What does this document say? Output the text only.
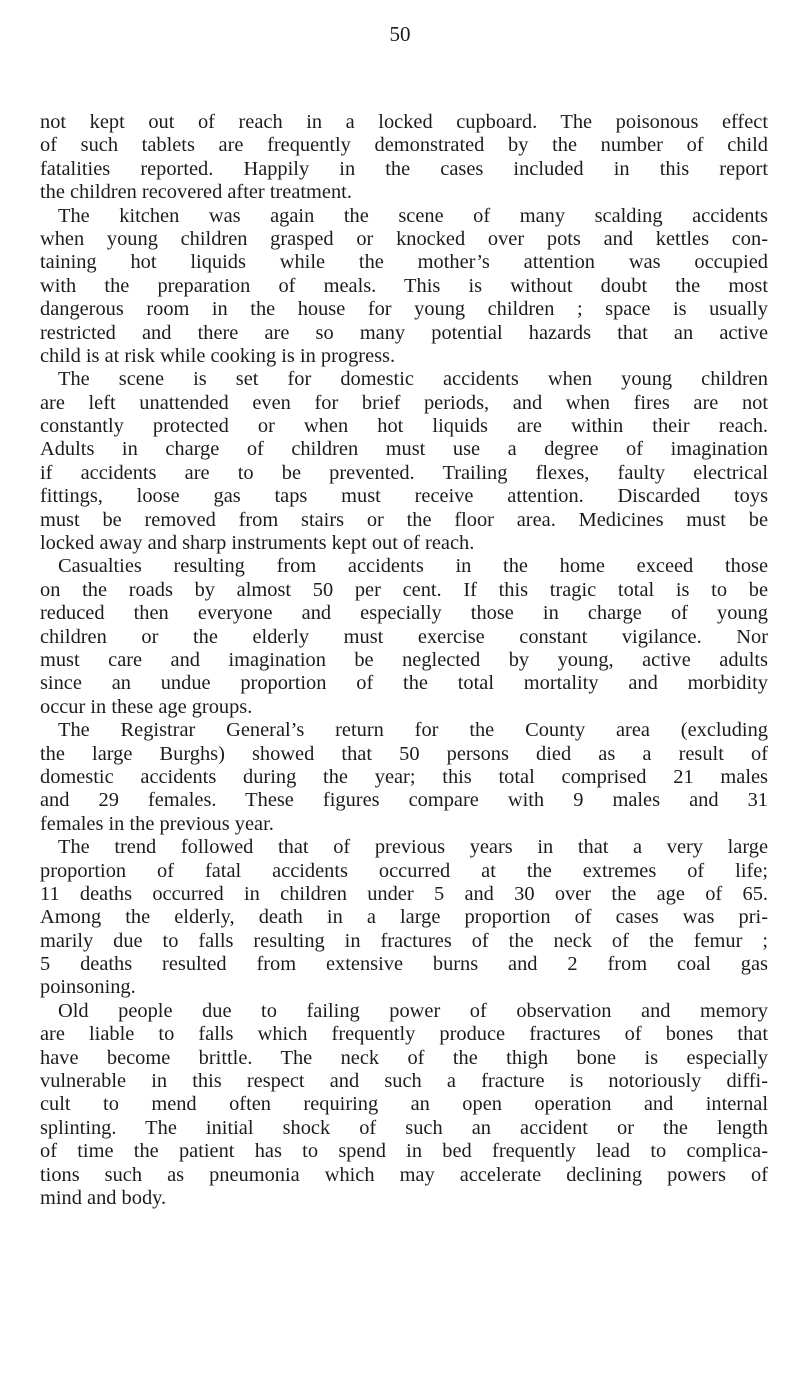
50
not kept out of reach in a locked cupboard. The poisonous effect
of such tablets are frequently demonstrated by the number of child
fatalities reported. Happily in the cases included in this report
the children recovered after treatment.
The kitchen was again the scene of many scalding accidents
when young children grasped or knocked over pots and kettles con-
taining hot liquids while the mother’s attention was occupied
with the preparation of meals. This is without doubt the most
dangerous room in the house for young children ; space is usually
restricted and there are so many potential hazards that an active
child is at risk while cooking is in progress.
The scene is set for domestic accidents when young children
are left unattended even for brief periods, and when fires are not
constantly protected or when hot liquids are within their reach.
Adults in charge of children must use a degree of imagination
if accidents are to be prevented. Trailing flexes, faulty electrical
fittings, loose gas taps must receive attention. Discarded toys
must be removed from stairs or the floor area. Medicines must be
locked away and sharp instruments kept out of reach.
Casualties resulting from accidents in the home exceed those
on the roads by almost 50 per cent. If this tragic total is to be
reduced then everyone and especially those in charge of young
children or the elderly must exercise constant vigilance. Nor
must care and imagination be neglected by young, active adults
since an undue proportion of the total mortality and morbidity
occur in these age groups.
The Registrar General’s return for the County area (excluding
the large Burghs) showed that 50 persons died as a result of
domestic accidents during the year; this total comprised 21 males
and 29 females. These figures compare with 9 males and 31
females in the previous year.
The trend followed that of previous years in that a very large
proportion of fatal accidents occurred at the extremes of life;
11 deaths occurred in children under 5 and 30 over the age of 65.
Among the elderly, death in a large proportion of cases was pri-
marily due to falls resulting in fractures of the neck of the femur ;
5 deaths resulted from extensive burns and 2 from coal gas
poinsoning.
Old people due to failing power of observation and memory
are liable to falls which frequently produce fractures of bones that
have become brittle. The neck of the thigh bone is especially
vulnerable in this respect and such a fracture is notoriously diffi-
cult to mend often requiring an open operation and internal
splinting. The initial shock of such an accident or the length
of time the patient has to spend in bed frequently lead to complica-
tions such as pneumonia which may accelerate declining powers of
mind and body.
